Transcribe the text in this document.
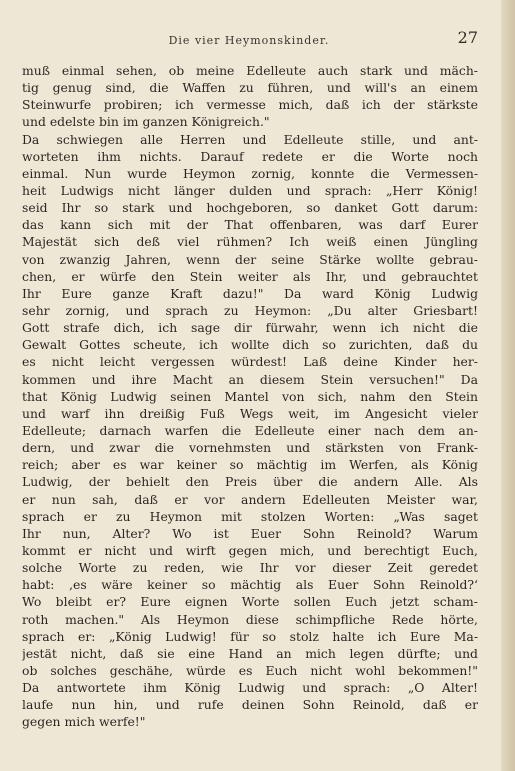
Die vier Heymonskinder.	27
muß einmal sehen, ob meine Edelleute auch stark und mäch-
tig genug sind, die Waffen zu führen, und will's an einem
Steinwurfe probiren; ich vermesse mich, daß ich der stärkste
und edelste bin im ganzen Königreich."
Da schwiegen alle Herren und Edelleute stille, und ant-
worteten ihm nichts. Darauf redete er die Worte noch
einmal. Nun wurde Heymon zornig, konnte die Vermessen-
heit Ludwigs nicht länger dulden und sprach: „Herr König!
seid Ihr so stark und hochgeboren, so danket Gott darum:
das kann sich mit der That offenbaren, was darf Eurer
Majestät sich deß viel rühmen? Ich weiß einen Jüngling
von zwanzig Jahren, wenn der seine Stärke wollte gebrau-
chen, er würfe den Stein weiter als Ihr, und gebrauchtet
Ihr Eure ganze Kraft dazu!" Da ward König Ludwig
sehr zornig, und sprach zu Heymon: „Du alter Griesbart!
Gott strafe dich, ich sage dir fürwahr, wenn ich nicht die
Gewalt Gottes scheute, ich wollte dich so zurichten, daß du
es nicht leicht vergessen würdest! Laß deine Kinder her-
kommen und ihre Macht an diesem Stein versuchen!" Da
that König Ludwig seinen Mantel von sich, nahm den Stein
und warf ihn dreißig Fuß Wegs weit, im Angesicht vieler
Edelleute; darnach warfen die Edelleute einer nach dem an-
dern, und zwar die vornehmsten und stärksten von Frank-
reich; aber es war keiner so mächtig im Werfen, als König
Ludwig, der behielt den Preis über die andern Alle. Als
er nun sah, daß er vor andern Edelleuten Meister war,
sprach er zu Heymon mit stolzen Worten: „Was saget
Ihr nun, Alter? Wo ist Euer Sohn Reinold? Warum
kommt er nicht und wirft gegen mich, und berechtigt Euch,
solche Worte zu reden, wie Ihr vor dieser Zeit geredet
habt: ‚es wäre keiner so mächtig als Euer Sohn Reinold?‘
Wo bleibt er? Eure eignen Worte sollen Euch jetzt scham-
roth machen." Als Heymon diese schimpfliche Rede hörte,
sprach er: „König Ludwig! für so stolz halte ich Eure Ma-
jestät nicht, daß sie eine Hand an mich legen dürfte; und
ob solches geschähe, würde es Euch nicht wohl bekommen!"
Da antwortete ihm König Ludwig und sprach: „O Alter!
laufe nun hin, und rufe deinen Sohn Reinold, daß er
gegen mich werfe!"
